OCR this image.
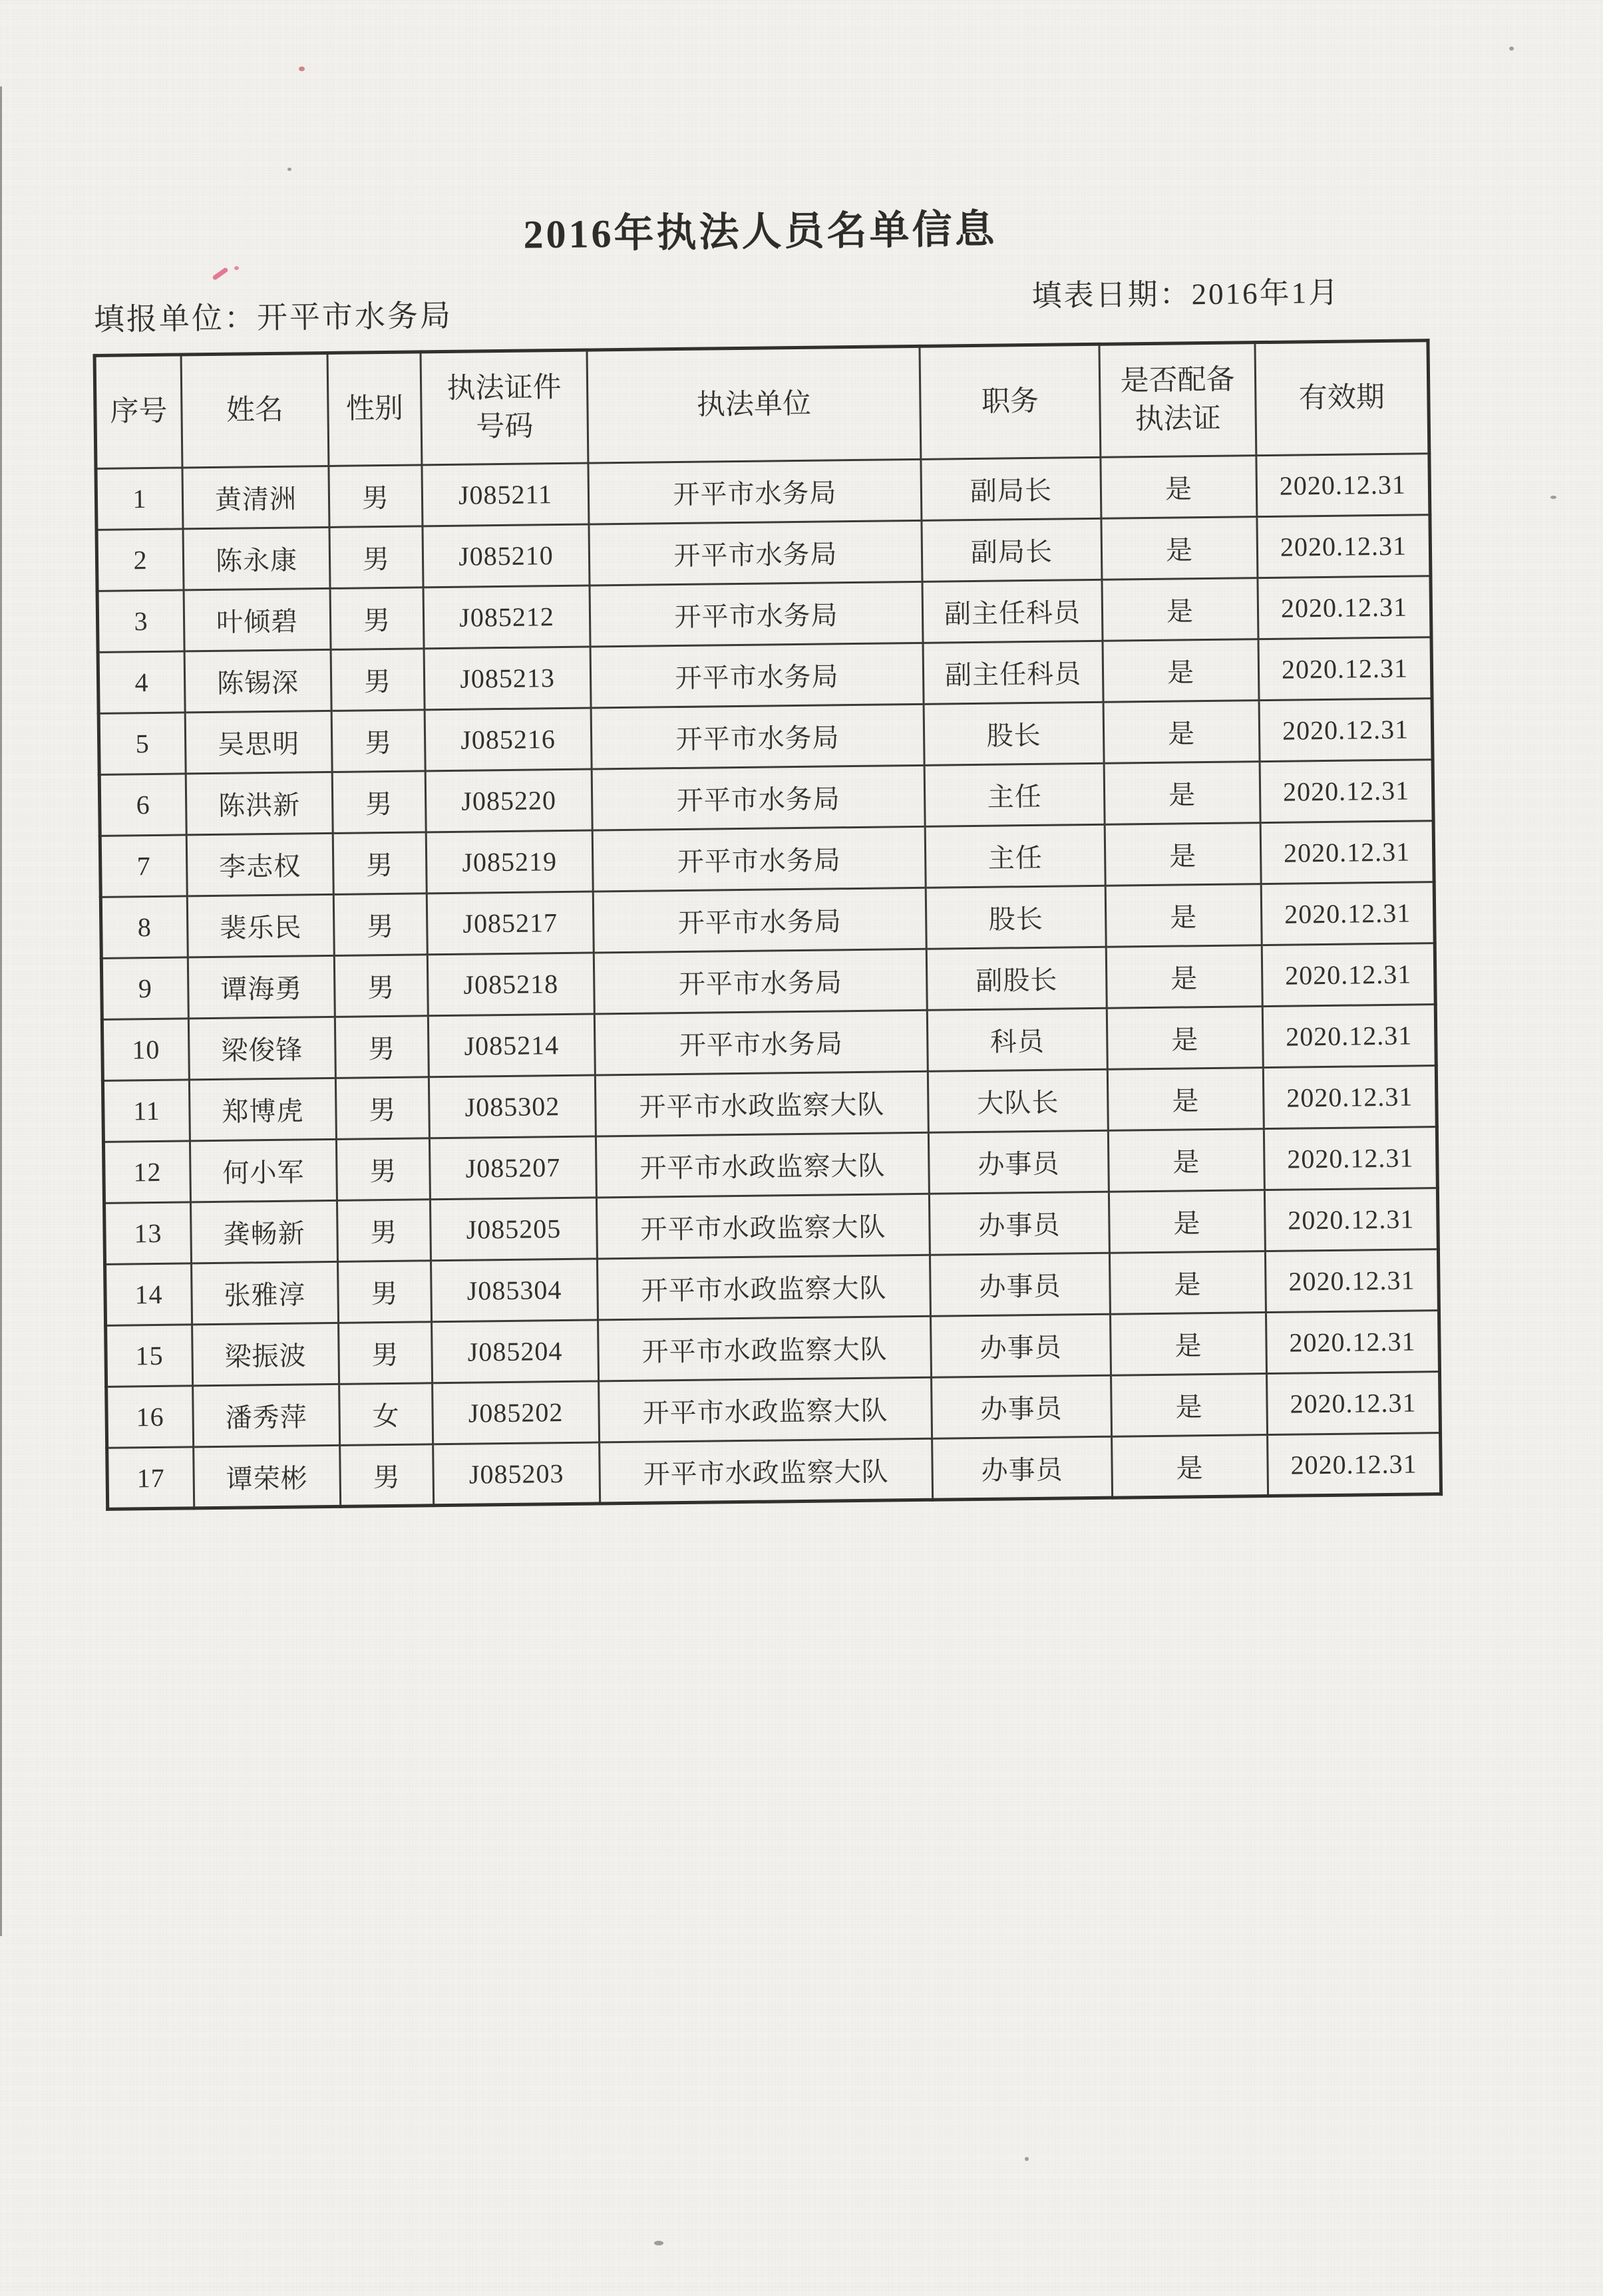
2016年执法人员名单信息
填报单位：开平市水务局
填表日期：2016年1月
序号	姓名	性别	执法证件 号码	执法单位	职务	是否配备 执法证	有效期
1	黄清洲	男	J085211	开平市水务局	副局长	是	2020.12.31
2	陈永康	男	J085210	开平市水务局	副局长	是	2020.12.31
3	叶倾碧	男	J085212	开平市水务局	副主任科员	是	2020.12.31
4	陈锡深	男	J085213	开平市水务局	副主任科员	是	2020.12.31
5	吴思明	男	J085216	开平市水务局	股长	是	2020.12.31
6	陈洪新	男	J085220	开平市水务局	主任	是	2020.12.31
7	李志权	男	J085219	开平市水务局	主任	是	2020.12.31
8	裴乐民	男	J085217	开平市水务局	股长	是	2020.12.31
9	谭海勇	男	J085218	开平市水务局	副股长	是	2020.12.31
10	梁俊锋	男	J085214	开平市水务局	科员	是	2020.12.31
11	郑博虎	男	J085302	开平市水政监察大队	大队长	是	2020.12.31
12	何小军	男	J085207	开平市水政监察大队	办事员	是	2020.12.31
13	龚畅新	男	J085205	开平市水政监察大队	办事员	是	2020.12.31
14	张雅淳	男	J085304	开平市水政监察大队	办事员	是	2020.12.31
15	梁振波	男	J085204	开平市水政监察大队	办事员	是	2020.12.31
16	潘秀萍	女	J085202	开平市水政监察大队	办事员	是	2020.12.31
17	谭荣彬	男	J085203	开平市水政监察大队	办事员	是	2020.12.31
